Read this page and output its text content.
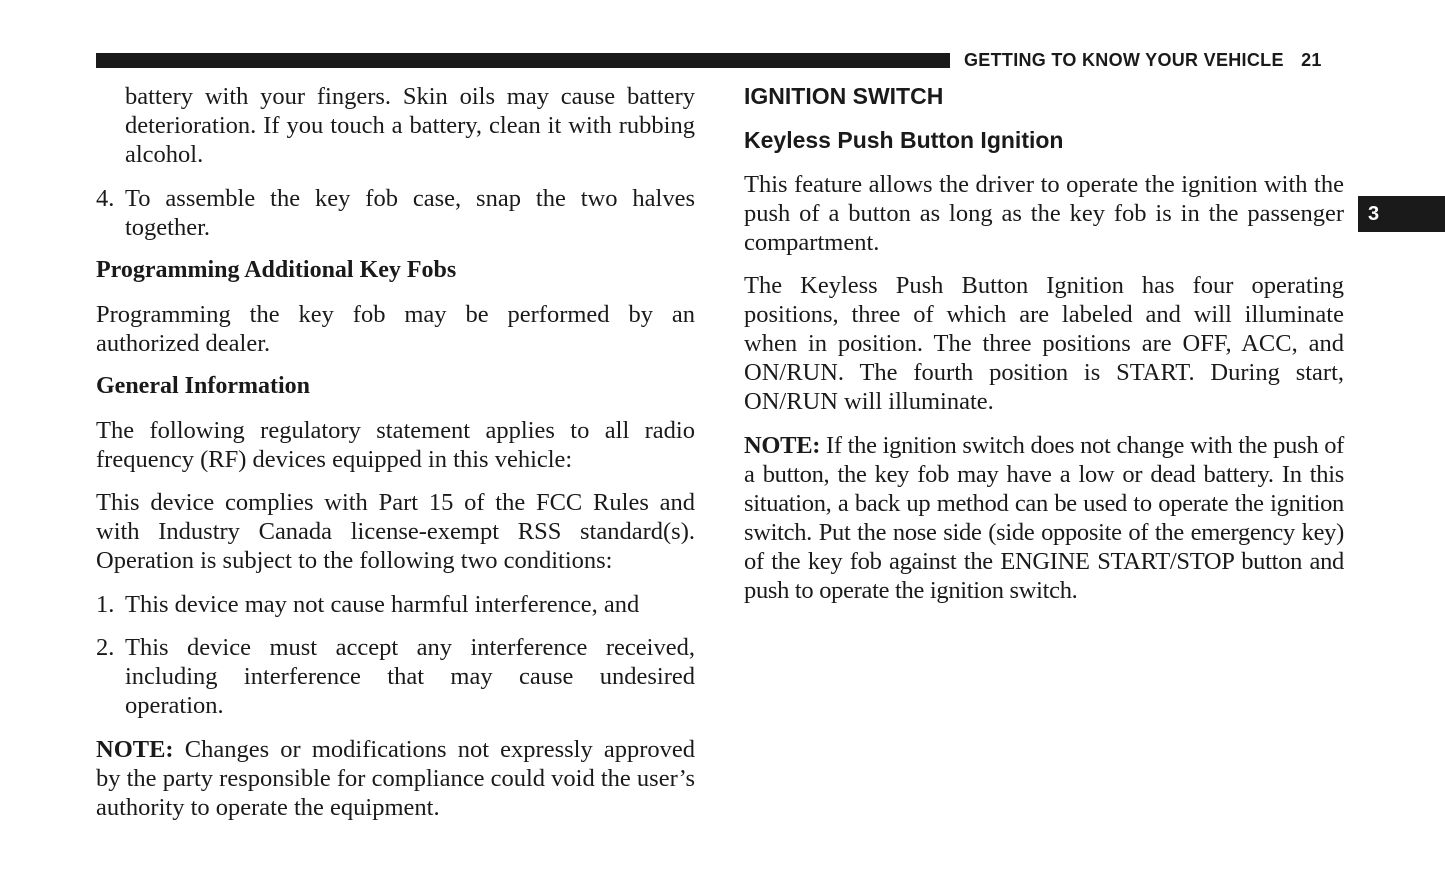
GETTING TO KNOW YOUR VEHICLE 21
3

battery with your fingers. Skin oils may cause battery deterioration. If you touch a battery, clean it with rubbing alcohol.

4. To assemble the key fob case, snap the two halves together.

Programming Additional Key Fobs

Programming the key fob may be performed by an authorized dealer.

General Information

The following regulatory statement applies to all radio frequency (RF) devices equipped in this vehicle:

This device complies with Part 15 of the FCC Rules and with Industry Canada license-exempt RSS standard(s). Operation is subject to the following two conditions:

1. This device may not cause harmful interference, and

2. This device must accept any interference received, including interference that may cause undesired operation.

NOTE: Changes or modifications not expressly approved by the party responsible for compliance could void the user’s authority to operate the equipment.

IGNITION SWITCH

Keyless Push Button Ignition

This feature allows the driver to operate the ignition with the push of a button as long as the key fob is in the passenger compartment.

The Keyless Push Button Ignition has four operating positions, three of which are labeled and will illuminate when in position. The three positions are OFF, ACC, and ON/RUN. The fourth position is START. During start, ON/RUN will illuminate.

NOTE: If the ignition switch does not change with the push of a button, the key fob may have a low or dead battery. In this situation, a back up method can be used to operate the ignition switch. Put the nose side (side opposite of the emergency key) of the key fob against the ENGINE START/STOP button and push to operate the ignition switch.
